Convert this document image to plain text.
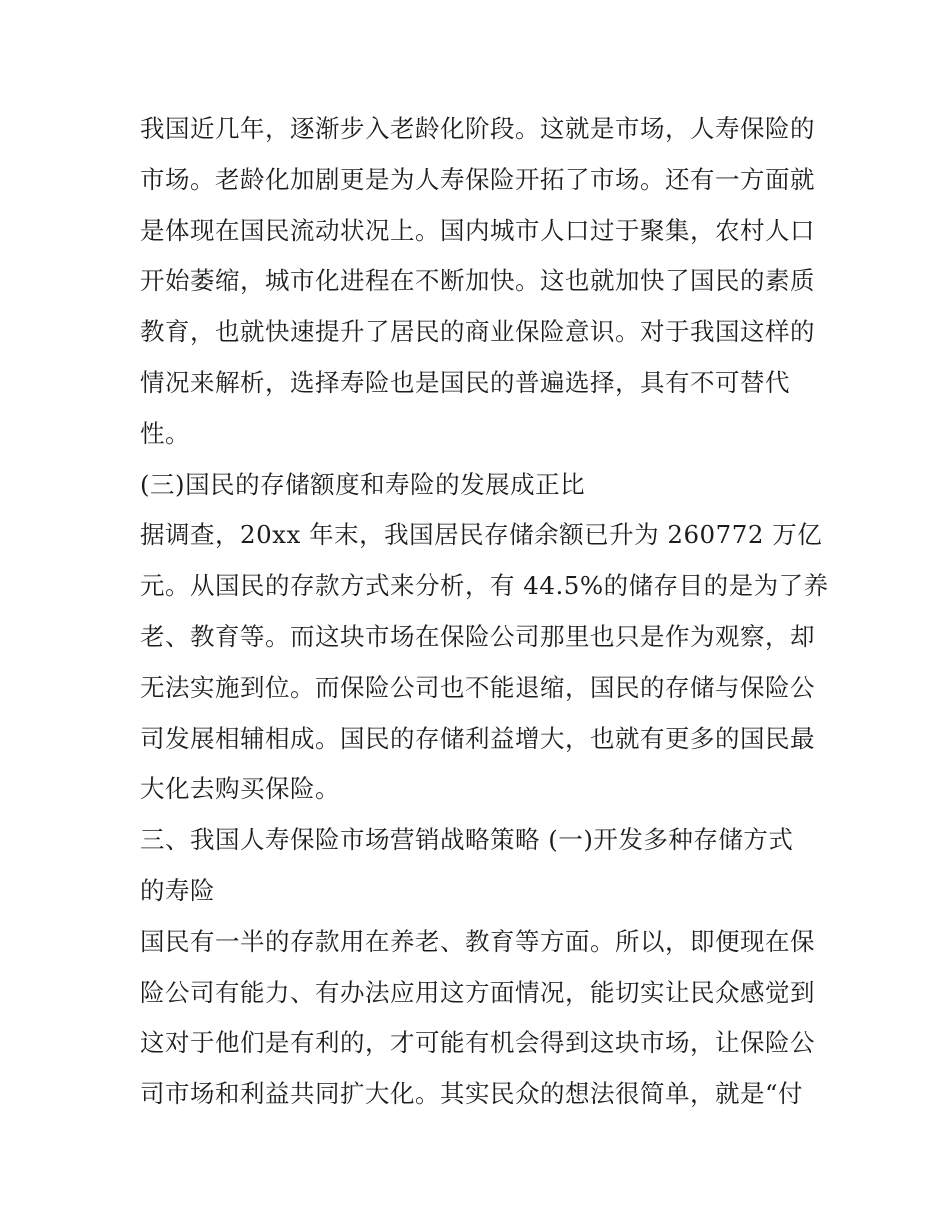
我国近几年，逐渐步入老龄化阶段。这就是市场，人寿保险的
市场。老龄化加剧更是为人寿保险开拓了市场。还有一方面就
是体现在国民流动状况上。国内城市人口过于聚集，农村人口
开始萎缩，城市化进程在不断加快。这也就加快了国民的素质
教育，也就快速提升了居民的商业保险意识。对于我国这样的
情况来解析，选择寿险也是国民的普遍选择，具有不可替代
性。
(三)国民的存储额度和寿险的发展成正比
据调查，20xx 年末，我国居民存储余额已升为 260772 万亿
元。从国民的存款方式来分析，有 44.5%的储存目的是为了养
老、教育等。而这块市场在保险公司那里也只是作为观察，却
无法实施到位。而保险公司也不能退缩，国民的存储与保险公
司发展相辅相成。国民的存储利益增大，也就有更多的国民最
大化去购买保险。
三、我国人寿保险市场营销战略策略 (一)开发多种存储方式
的寿险
国民有一半的存款用在养老、教育等方面。所以，即便现在保
险公司有能力、有办法应用这方面情况，能切实让民众感觉到
这对于他们是有利的，才可能有机会得到这块市场，让保险公
司市场和利益共同扩大化。其实民众的想法很简单，就是“付
